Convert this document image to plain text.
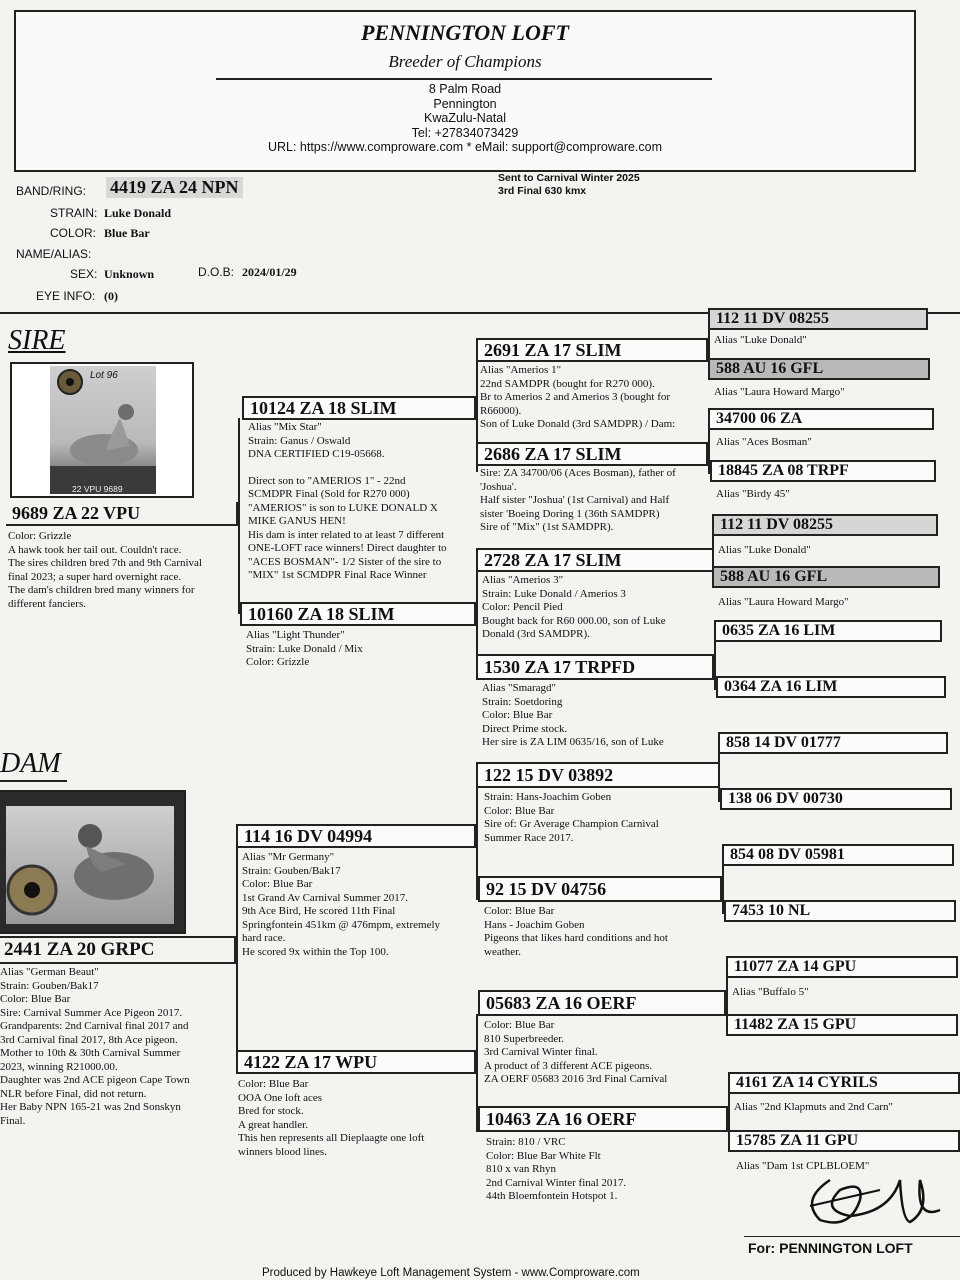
PENNINGTON LOFT
Breeder of Champions
8 Palm Road
Pennington
KwaZulu-Natal
Tel: +27834073429
URL: https://www.comproware.com * eMail: support@comproware.com
BAND/RING: 4419 ZA 24 NPN
STRAIN: Luke Donald
COLOR: Blue Bar
NAME/ALIAS:
SEX: Unknown	D.O.B: 2024/01/29
EYE INFO: (0)
Sent to Carnival Winter 2025
3rd Final 630 kmx
SIRE
Lot 96
22 VPU 9689
9689 ZA 22 VPU
Color: Grizzle
A hawk took her tail out. Couldn't race.
The sires children bred 7th and 9th Carnival
final 2023; a super hard overnight race.
The dam's children bred many winners for
different fanciers.
DAM
2441 ZA 20 GRPC
Alias "German Beaut"
Strain: Gouben/Bak17
Color: Blue Bar
Sire: Carnival Summer Ace Pigeon 2017.
Grandparents: 2nd Carnival final 2017 and
3rd Carnival final 2017, 8th Ace pigeon.
Mother to 10th & 30th Carnival Summer
2023, winning R21000.00.
Daughter was 2nd ACE pigeon Cape Town
NLR before Final, did not return.
Her Baby NPN 165-21 was 2nd Sonskyn
Final.
10124 ZA 18 SLIM
Alias "Mix Star"
Strain: Ganus / Oswald
DNA CERTIFIED C19-05668.
Direct son to "AMERIOS 1" - 22nd
SCMDPR Final (Sold for R270 000)
"AMERIOS" is son to LUKE DONALD X
MIKE GANUS HEN!
His dam is inter related to at least 7 different
ONE-LOFT race winners! Direct daughter to
"ACES BOSMAN"- 1/2 Sister of the sire to
"MIX" 1st SCMDPR Final Race Winner
10160 ZA 18 SLIM
Alias "Light Thunder"
Strain: Luke Donald / Mix
Color: Grizzle
114 16 DV 04994
Alias "Mr Germany"
Strain: Gouben/Bak17
Color: Blue Bar
1st Grand Av Carnival Summer 2017.
9th Ace Bird, He scored 11th Final
Springfontein 451km @ 476mpm, extremely
hard race.
He scored 9x within the Top 100.
4122 ZA 17 WPU
Color: Blue Bar
OOA One loft aces
Bred for stock.
A great handler.
This hen represents all Dieplaagte one loft
winners blood lines.
2691 ZA 17 SLIM
Alias "Amerios 1"
22nd SAMDPR (bought for R270 000).
Br to Amerios 2 and Amerios 3 (bought for
R66000).
Son of Luke Donald (3rd SAMDPR) / Dam:
2686 ZA 17 SLIM
Sire: ZA 34700/06 (Aces Bosman), father of
'Joshua'.
Half sister "Joshua' (1st Carnival) and Half
sister 'Boeing Doring 1 (36th SAMDPR)
Sire of "Mix" (1st SAMDPR).
2728 ZA 17 SLIM
Alias "Amerios 3"
Strain: Luke Donald / Amerios 3
Color: Pencil Pied
Bought back for R60 000.00, son of Luke
Donald (3rd SAMDPR).
1530 ZA 17 TRPFD
Alias "Smaragd"
Strain: Soetdoring
Color: Blue Bar
Direct Prime stock.
Her sire is ZA LIM 0635/16, son of Luke
122 15 DV 03892
Strain: Hans-Joachim Goben
Color: Blue Bar
Sire of: Gr Average Champion Carnival
Summer Race 2017.
92 15 DV 04756
Color: Blue Bar
Hans - Joachim Goben
Pigeons that likes hard conditions and hot
weather.
05683 ZA 16 OERF
Color: Blue Bar
810 Superbreeder.
3rd Carnival Winter final.
A product of 3 different ACE pigeons.
ZA OERF 05683 2016 3rd Final Carnival
10463 ZA 16 OERF
Strain: 810 / VRC
Color: Blue Bar White Flt
810 x van Rhyn
2nd Carnival Winter final 2017.
44th Bloemfontein Hotspot 1.
112 11 DV 08255
Alias "Luke Donald"
588 AU 16 GFL
Alias "Laura Howard Margo"
34700 06 ZA
Alias "Aces Bosman"
18845 ZA 08 TRPF
Alias "Birdy 45"
112 11 DV 08255
Alias "Luke Donald"
588 AU 16 GFL
Alias "Laura Howard Margo"
0635 ZA 16 LIM
0364 ZA 16 LIM
858 14 DV 01777
138 06 DV 00730
854 08 DV 05981
7453 10 NL
11077 ZA 14 GPU
Alias "Buffalo 5"
11482 ZA 15 GPU
4161 ZA 14 CYRILS
Alias "2nd Klapmuts and 2nd Carn"
15785 ZA 11 GPU
Alias "Dam 1st CPLBLOEM"
For: PENNINGTON LOFT
Produced by Hawkeye Loft Management System - www.Comproware.com
